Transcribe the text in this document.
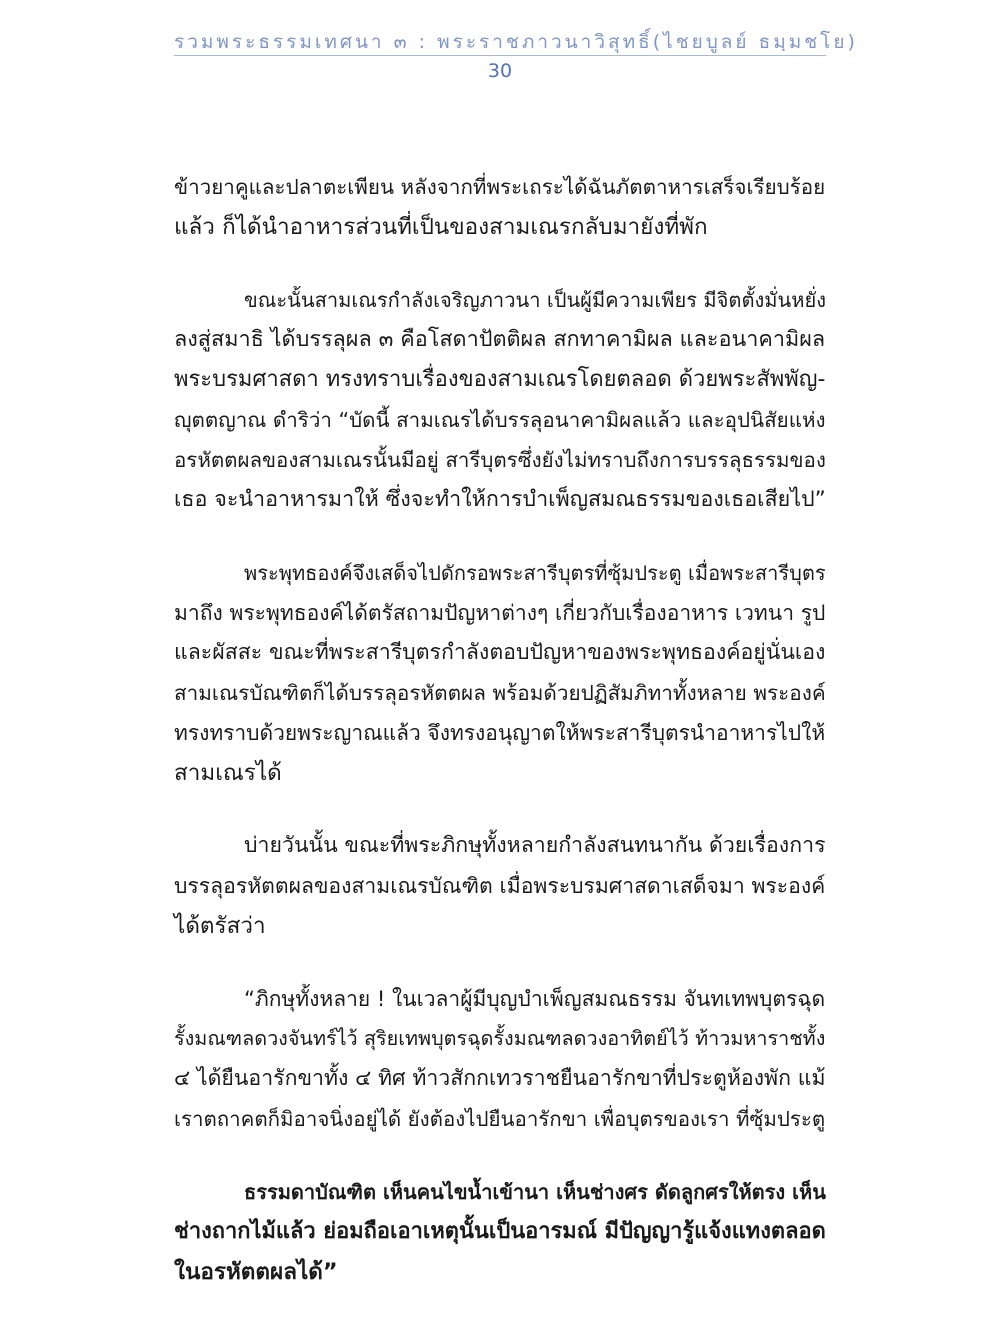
รวมพระธรรมเทศนา ๓ : พระราชภาวนาวิสุทธิ์(ไชยบูลย์ ธมฺมชโย)
30
ข้าวยาคูและปลาตะเพียน หลังจากที่พระเถระได้ฉันภัตตาหารเสร็จเรียบร้อย
แล้ว ก็ได้นำอาหารส่วนที่เป็นของสามเณรกลับมายังที่พัก
ขณะนั้นสามเณรกำลังเจริญภาวนา เป็นผู้มีความเพียร มีจิตตั้งมั่นหยั่ง
ลงสู่สมาธิ ได้บรรลุผล ๓ คือโสดาปัตติผล สกทาคามิผล และอนาคามิผล
พระบรมศาสดา ทรงทราบเรื่องของสามเณรโดยตลอด ด้วยพระสัพพัญ-
ญุตตญาณ ดำริว่า “บัดนี้ สามเณรได้บรรลุอนาคามิผลแล้ว และอุปนิสัยแห่ง
อรหัตตผลของสามเณรนั้นมีอยู่ สารีบุตรซึ่งยังไม่ทราบถึงการบรรลุธรรมของ
เธอ จะนำอาหารมาให้ ซึ่งจะทำให้การบำเพ็ญสมณธรรมของเธอเสียไป”
พระพุทธองค์จึงเสด็จไปดักรอพระสารีบุตรที่ซุ้มประตู เมื่อพระสารีบุตร
มาถึง พระพุทธองค์ได้ตรัสถามปัญหาต่างๆ เกี่ยวกับเรื่องอาหาร เวทนา รูป
และผัสสะ ขณะที่พระสารีบุตรกำลังตอบปัญหาของพระพุทธองค์อยู่นั่นเอง
สามเณรบัณฑิตก็ได้บรรลุอรหัตตผล พร้อมด้วยปฏิสัมภิทาทั้งหลาย พระองค์
ทรงทราบด้วยพระญาณแล้ว จึงทรงอนุญาตให้พระสารีบุตรนำอาหารไปให้
สามเณรได้
บ่ายวันนั้น ขณะที่พระภิกษุทั้งหลายกำลังสนทนากัน ด้วยเรื่องการ
บรรลุอรหัตตผลของสามเณรบัณฑิต เมื่อพระบรมศาสดาเสด็จมา พระองค์
ได้ตรัสว่า
“ภิกษุทั้งหลาย ! ในเวลาผู้มีบุญบำเพ็ญสมณธรรม จันทเทพบุตรฉุด
รั้งมณฑลดวงจันทร์ไว้ สุริยเทพบุตรฉุดรั้งมณฑลดวงอาทิตย์ไว้ ท้าวมหาราชทั้ง
๔ ได้ยืนอารักขาทั้ง ๔ ทิศ ท้าวสักกเทวราชยืนอารักขาที่ประตูห้องพัก แม้
เราตถาคตก็มิอาจนิ่งอยู่ได้ ยังต้องไปยืนอารักขา เพื่อบุตรของเรา ที่ซุ้มประตู
ธรรมดาบัณฑิต เห็นคนไขน้ำเข้านา เห็นช่างศร ดัดลูกศรให้ตรง เห็น
ช่างถากไม้แล้ว ย่อมถือเอาเหตุนั้นเป็นอารมณ์ มีปัญญารู้แจ้งแทงตลอด
ในอรหัตตผลได้”
